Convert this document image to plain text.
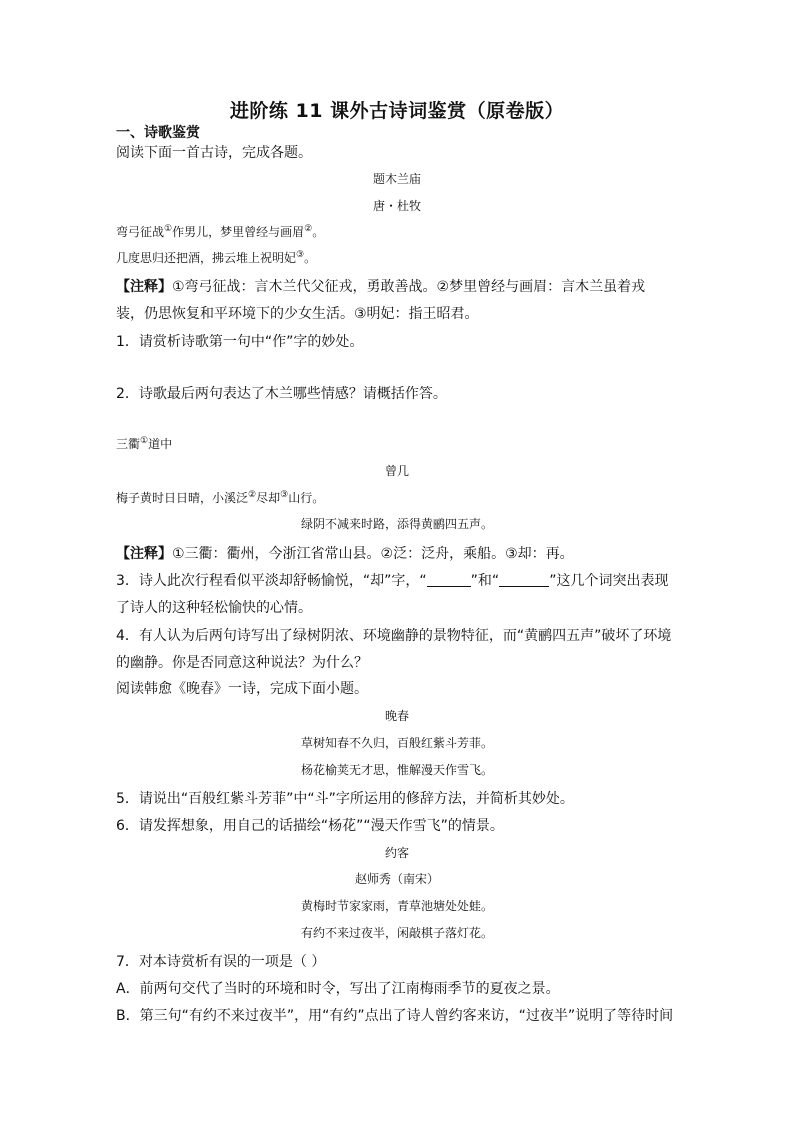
进阶练 11 课外古诗词鉴赏（原卷版）
一、诗歌鉴赏
阅读下面一首古诗，完成各题。
题木兰庙
唐・杜牧
弯弓征战①作男儿，梦里曾经与画眉②。
几度思归还把酒，拂云堆上祝明妃③。
【注释】①弯弓征战：言木兰代父征戎，勇敢善战。②梦里曾经与画眉：言木兰虽着戎
装，仍思恢复和平环境下的少女生活。③明妃：指王昭君。
1．请赏析诗歌第一句中“作”字的妙处。
2．诗歌最后两句表达了木兰哪些情感？请概括作答。
三衢①道中
曾几
梅子黄时日日晴，小溪泛②尽却③山行。
绿阴不减来时路，添得黄鹂四五声。
【注释】①三衢：衢州，今浙江省常山县。②泛：泛舟，乘船。③却：再。
3．诗人此次行程看似平淡却舒畅愉悦，“却”字，“	”和“	”这几个词突出表现
了诗人的这种轻松愉快的心情。
4．有人认为后两句诗写出了绿树阴浓、环境幽静的景物特征，而“黄鹂四五声”破坏了环境
的幽静。你是否同意这种说法？为什么？
阅读韩愈《晚春》一诗，完成下面小题。
晚春
草树知春不久归，百般红紫斗芳菲。
杨花榆荚无才思，惟解漫天作雪飞。
5．请说出“百般红紫斗芳菲”中“斗”字所运用的修辞方法，并简析其妙处。
6．请发挥想象，用自己的话描绘“杨花”“漫天作雪飞”的情景。
约客
赵师秀（南宋）
黄梅时节家家雨，青草池塘处处蛙。
有约不来过夜半，闲敲棋子落灯花。
7．对本诗赏析有误的一项是（ ）
A．前两句交代了当时的环境和时令，写出了江南梅雨季节的夏夜之景。
B．第三句“有约不来过夜半”，用“有约”点出了诗人曾约客来访，“过夜半”说明了等待时间
